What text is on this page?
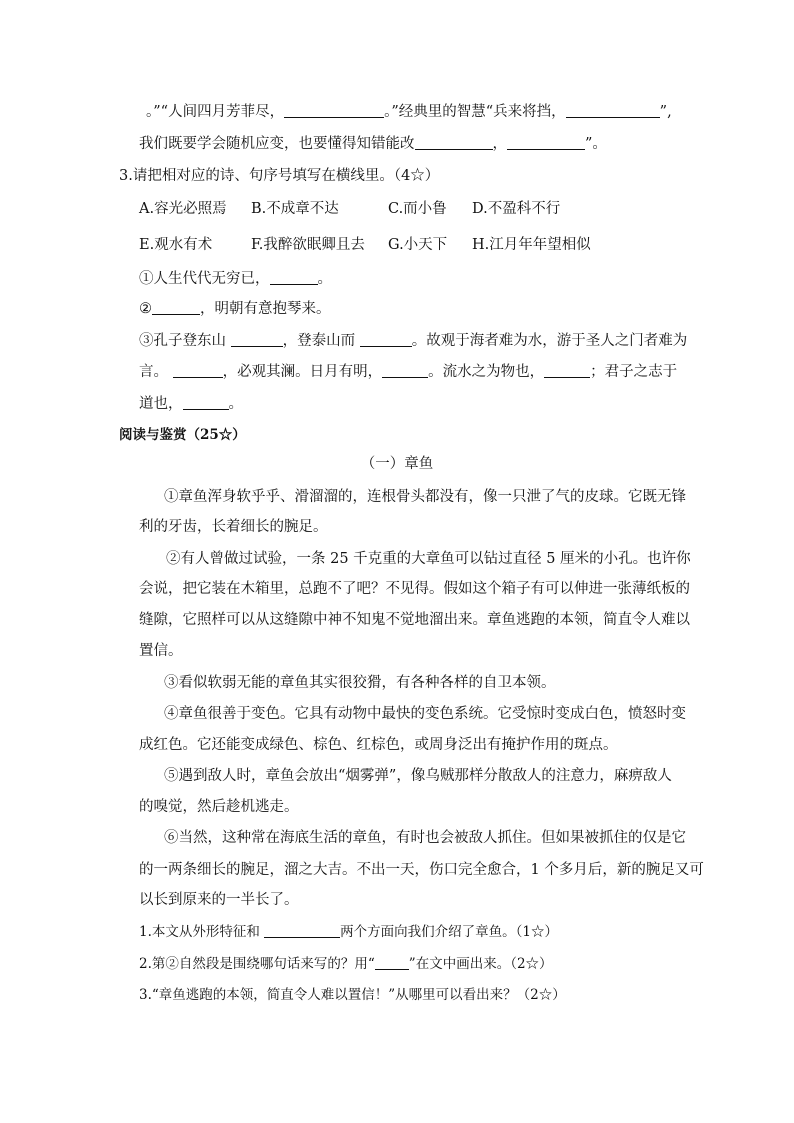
。”“人间四月芳菲尽，	。”经典里的智慧“兵来将挡，	”,
我们既要学会随机应变，也要懂得知错能改	，	”。
3.请把相对应的诗、句序号填写在横线里。（4☆）
A.容光必照焉 B.不成章不达	C.而小鲁 D.不盈科不行
E.观水有术	F.我醉欲眠卿且去 G.小天下 H.江月年年望相似
①人生代代无穷已，	。
②	，明朝有意抱琴来。
③孔子登东山	，登泰山而	。故观于海者难为水，游于圣人之门者难为
言。	，必观其澜。日月有明，	。流水之为物也，	；君子之志于
道也，	。
阅读与鉴赏（25☆）
（一）章鱼
①章鱼浑身软乎乎、滑溜溜的，连根骨头都没有，像一只泄了气的皮球。它既无锋
利的牙齿，长着细长的腕足。
②有人曾做过试验，一条 25 千克重的大章鱼可以钻过直径 5 厘米的小孔。也许你
会说，把它装在木箱里，总跑不了吧？不见得。假如这个箱子有可以伸进一张薄纸板的
缝隙，它照样可以从这缝隙中神不知鬼不觉地溜出来。章鱼逃跑的本领，简直令人难以
置信。
③看似软弱无能的章鱼其实很狡猾，有各种各样的自卫本领。
④章鱼很善于变色。它具有动物中最快的变色系统。它受惊时变成白色，愤怒时变
成红色。它还能变成绿色、棕色、红棕色，或周身泛出有掩护作用的斑点。
⑤遇到敌人时，章鱼会放出“烟雾弹”，像乌贼那样分散敌人的注意力，麻痹敌人
的嗅觉，然后趁机逃走。
⑥当然，这种常在海底生活的章鱼，有时也会被敌人抓住。但如果被抓住的仅是它
的一两条细长的腕足，溜之大吉。不出一天，伤口完全愈合，1 个多月后，新的腕足又可
以长到原来的一半长了。
1.本文从外形特征和	两个方面向我们介绍了章鱼。（1☆）
2.第②自然段是围绕哪句话来写的？用“	”在文中画出来。（2☆）
3.“章鱼逃跑的本领，简直令人难以置信！”从哪里可以看出来？（2☆）
